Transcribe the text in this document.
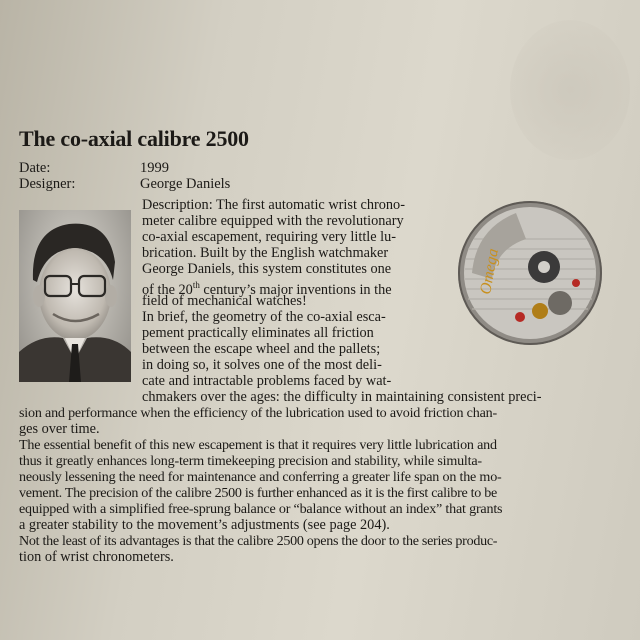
The co-axial calibre 2500
Date:	1999
Designer:	George Daniels
Omega
Description: The first automatic wrist chrono-
meter calibre equipped with the revolutionary
co-axial escapement, requiring very little lu-
brication. Built by the English watchmaker
George Daniels, this system constitutes one
of the 20th century’s major inventions in the
field of mechanical watches!
In brief, the geometry of the co-axial esca-
pement practically eliminates all friction
between the escape wheel and the pallets;
in doing so, it solves one of the most deli-
cate and intractable problems faced by wat-
chmakers over the ages: the difficulty in maintaining consistent preci-
sion and performance when the efficiency of the lubrication used to avoid friction chan-
ges over time.
The essential benefit of this new escapement is that it requires very little lubrication and
thus it greatly enhances long-term timekeeping precision and stability, while simulta-
neously lessening the need for maintenance and conferring a greater life span on the mo-
vement. The precision of the calibre 2500 is further enhanced as it is the first calibre to be
equipped with a simplified free-sprung balance or “balance without an index” that grants
a greater stability to the movement’s adjustments (see page 204).
Not the least of its advantages is that the calibre 2500 opens the door to the series produc-
tion of wrist chronometers.
